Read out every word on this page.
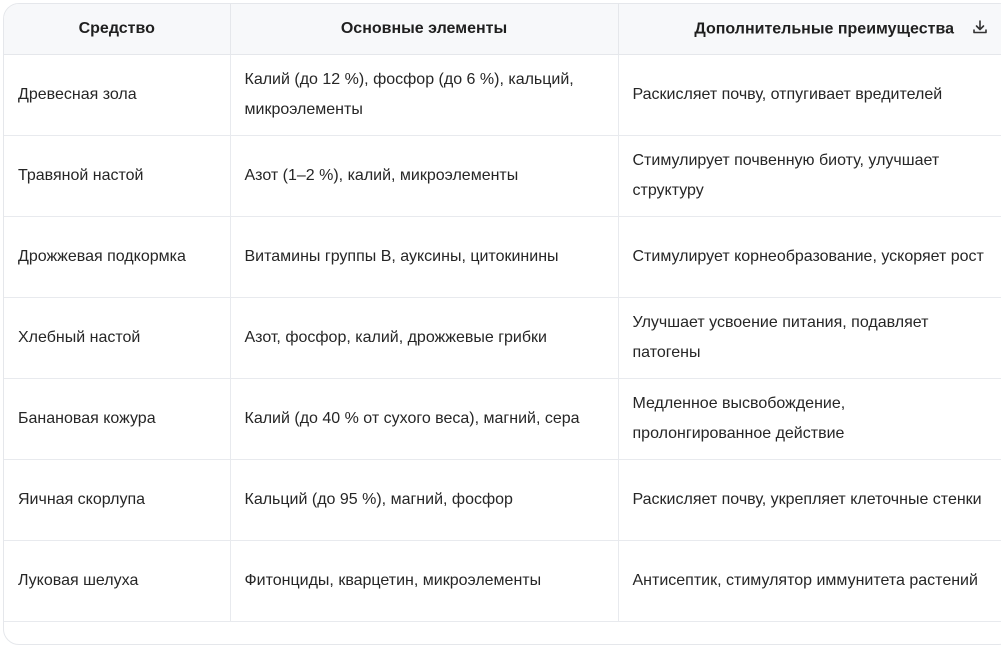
Средство	Основные элементы	Дополнительные преимущества
Древесная зола	Калий (до 12 %), фосфор (до 6 %), кальций, микроэлементы	Раскисляет почву, отпугивает вредителей
Травяной настой	Азот (1–2 %), калий, микроэлементы	Стимулирует почвенную биоту, улучшает структуру
Дрожжевая подкормка	Витамины группы B, ауксины, цитокинины	Стимулирует корнеобразование, ускоряет рост
Хлебный настой	Азот, фосфор, калий, дрожжевые грибки	Улучшает усвоение питания, подавляет патогены
Банановая кожура	Калий (до 40 % от сухого веса), магний, сера	Медленное высвобождение, пролонгированное действие
Яичная скорлупа	Кальций (до 95 %), магний, фосфор	Раскисляет почву, укрепляет клеточные стенки
Луковая шелуха	Фитонциды, кварцетин, микроэлементы	Антисептик, стимулятор иммунитета растений
